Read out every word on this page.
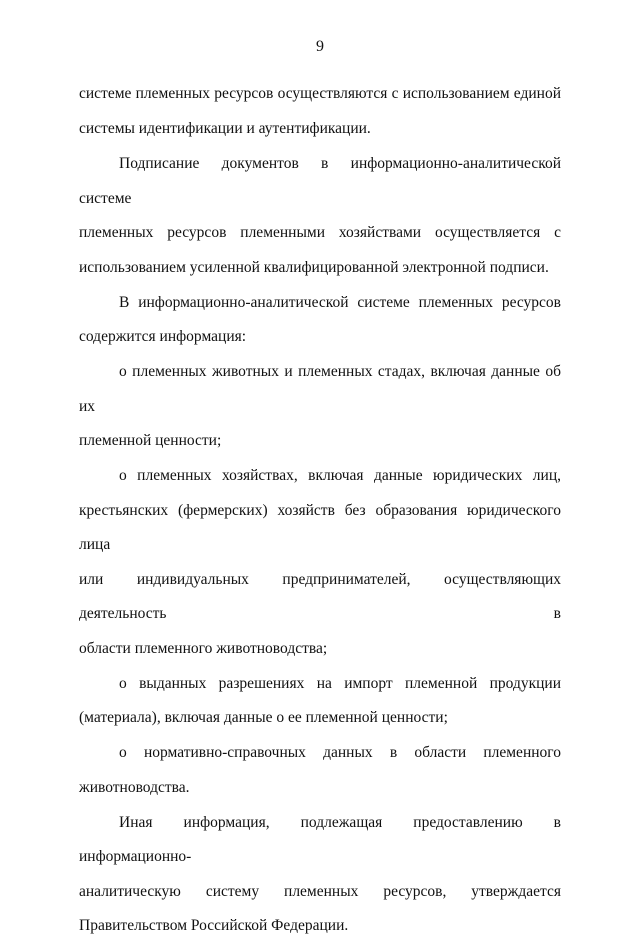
9
системе племенных ресурсов осуществляются с использованием единой
системы идентификации и аутентификации.
Подписание документов в информационно-аналитической системе
племенных ресурсов племенными хозяйствами осуществляется с
использованием усиленной квалифицированной электронной подписи.
В информационно-аналитической системе племенных ресурсов
содержится информация:
о племенных животных и племенных стадах, включая данные об их
племенной ценности;
о племенных хозяйствах, включая данные юридических лиц,
крестьянских (фермерских) хозяйств без образования юридического лица
или индивидуальных предпринимателей, осуществляющих деятельность в
области племенного животноводства;
о выданных разрешениях на импорт племенной продукции
(материала), включая данные о ее племенной ценности;
о нормативно-справочных данных в области племенного
животноводства.
Иная информация, подлежащая предоставлению в информационно-
аналитическую систему племенных ресурсов, утверждается
Правительством Российской Федерации.
